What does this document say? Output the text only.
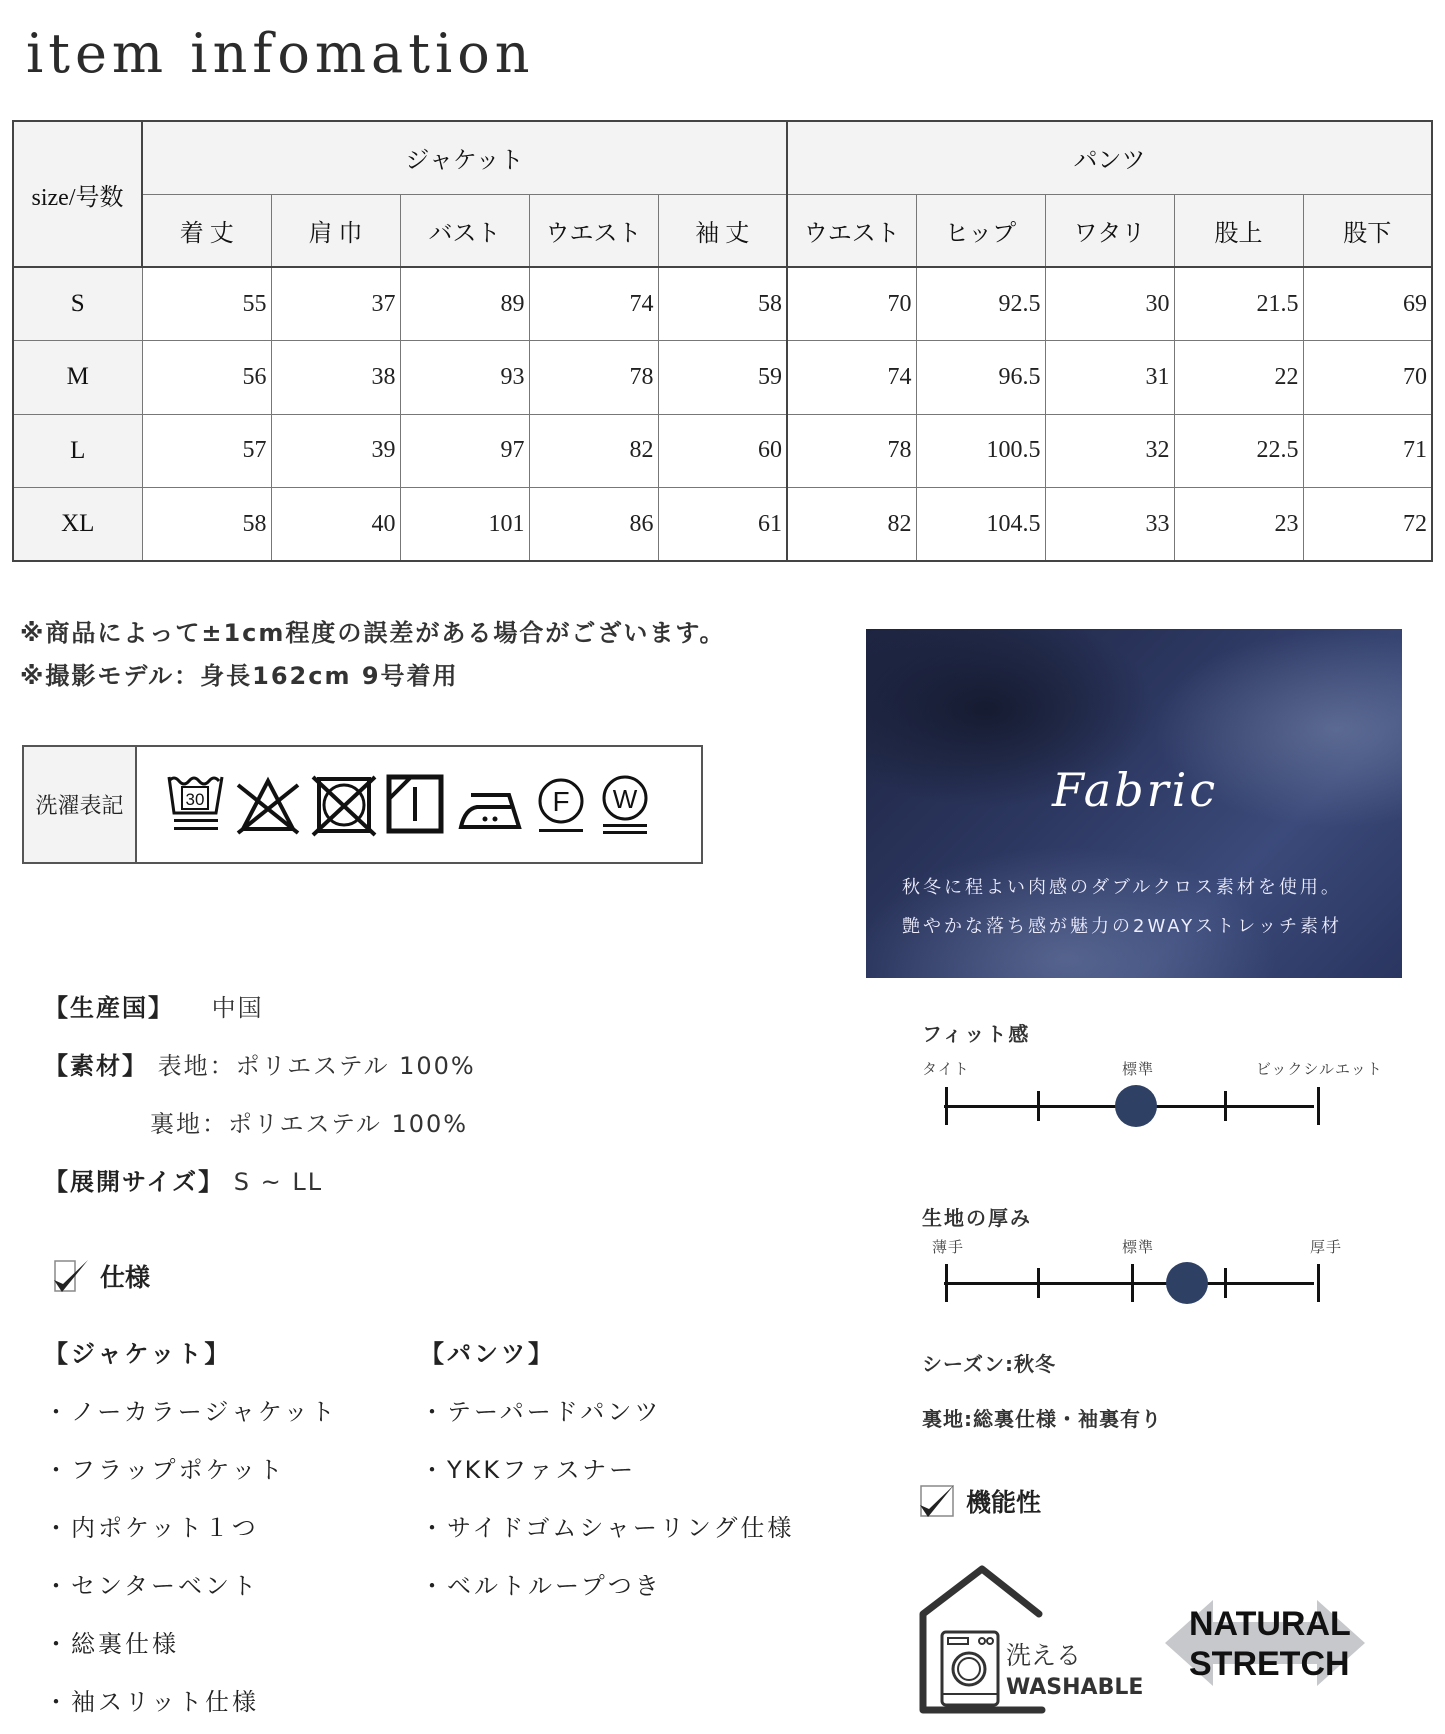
item infomation
size/号数	ジャケット					パンツ				
	着 丈	肩 巾	バスト	ウエスト	袖 丈	ウエスト	ヒップ	ワタリ	股上	股下
S	55	37	89	74	58	70	92.5	30	21.5	69
M	56	38	93	78	59	74	96.5	31	22	70
L	57	39	97	82	60	78	100.5	32	22.5	71
XL	58	40	101	86	61	82	104.5	33	23	72
※商品によって±1cm程度の誤差がある場合がございます。
※撮影モデル：身長162cm 9号着用
洗濯表記	30	F W
【生産国】 中国
【素材】 表地：ポリエステル 100%
裏地：ポリエステル 100%
【展開サイズ】 S ~ LL
仕様
【ジャケット】
・ノーカラージャケット
・フラップポケット
・内ポケット１つ
・センターベント
・総裏仕様
・袖スリット仕様
【パンツ】
・テーパードパンツ
・YKKファスナー
・サイドゴムシャーリング仕様
・ベルトループつき
Fabric
秋冬に程よい肉感のダブルクロス素材を使用。
艶やかな落ち感が魅力の2WAYストレッチ素材
フィット感
タイト	標準	ビックシルエット
生地の厚み
薄手	標準	厚手
シーズン:秋冬
裏地:総裏仕様・袖裏有り
機能性
洗える
WASHABLE
NATURAL
STRETCH
